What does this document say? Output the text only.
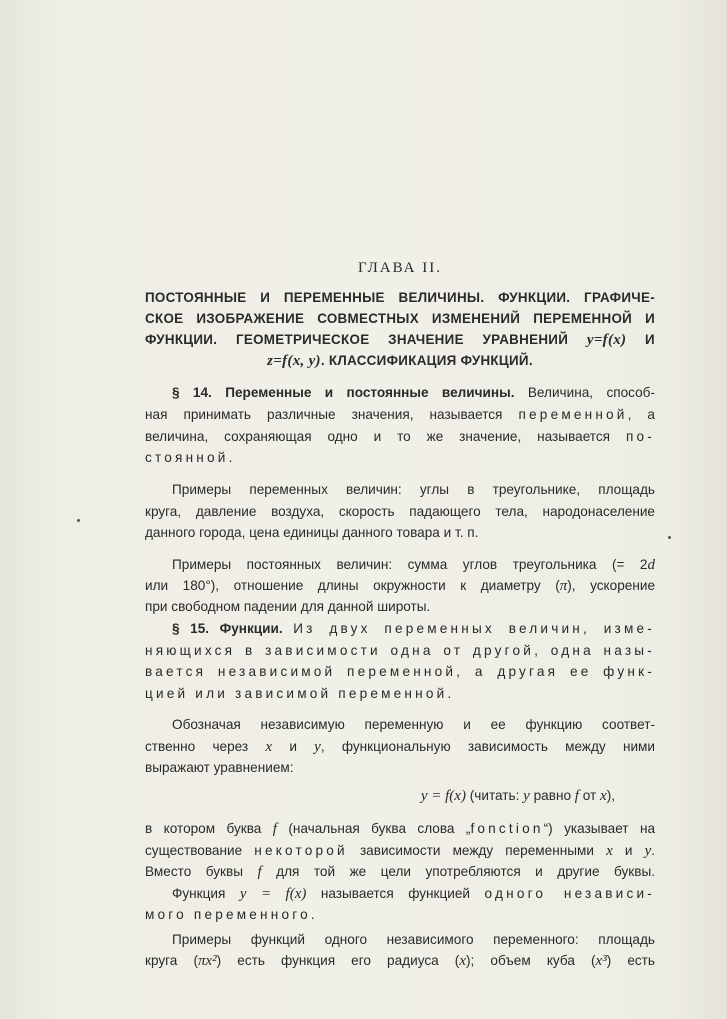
ГЛАВА II.
ПОСТОЯННЫЕ И ПЕРЕМЕННЫЕ ВЕЛИЧИНЫ. ФУНКЦИИ. ГРАФИЧЕ-
СКОЕ ИЗОБРАЖЕНИЕ СОВМЕСТНЫХ ИЗМЕНЕНИЙ ПЕРЕМЕННОЙ И
ФУНКЦИИ. ГЕОМЕТРИЧЕСКОЕ ЗНАЧЕНИЕ УРАВНЕНИЙ y=f(x) И
z=f(x, y). КЛАССИФИКАЦИЯ ФУНКЦИЙ.
§ 14. Переменные и постоянные величины. Величина, способ-
ная принимать различные значения, называется переменной, а
величина, сохраняющая одно и то же значение, называется по-
стоянной.
Примеры переменных величин: углы в треугольнике, площадь
круга, давление воздуха, скорость падающего тела, народонаселение
данного города, цена единицы данного товара и т. п.
Примеры постоянных величин: сумма углов треугольника (= 2d
или 180°), отношение длины окружности к диаметру (π), ускорение
при свободном падении для данной широты.
§ 15. Функции. Из двух переменных величин, изме-
няющихся в зависимости одна от другой, одна назы-
вается независимой переменной, а другая ее функ-
цией или зависимой переменной.
Обозначая независимую переменную и ее функцию соответ-
ственно через x и y, функциональную зависимость между ними
выражают уравнением:
y = f(x) (читать: y равно f от x),
в котором буква f (начальная буква слова „fonction“) указывает на
существование некоторой зависимости между переменными x и y.
Вместо буквы f для той же цели употребляются и другие буквы.
Функция y = f(x) называется функцией одного независи-
мого переменного.
Примеры функций одного независимого переменного: площадь
круга (πx²) есть функция его радиуса (x); объем куба (x³) есть
